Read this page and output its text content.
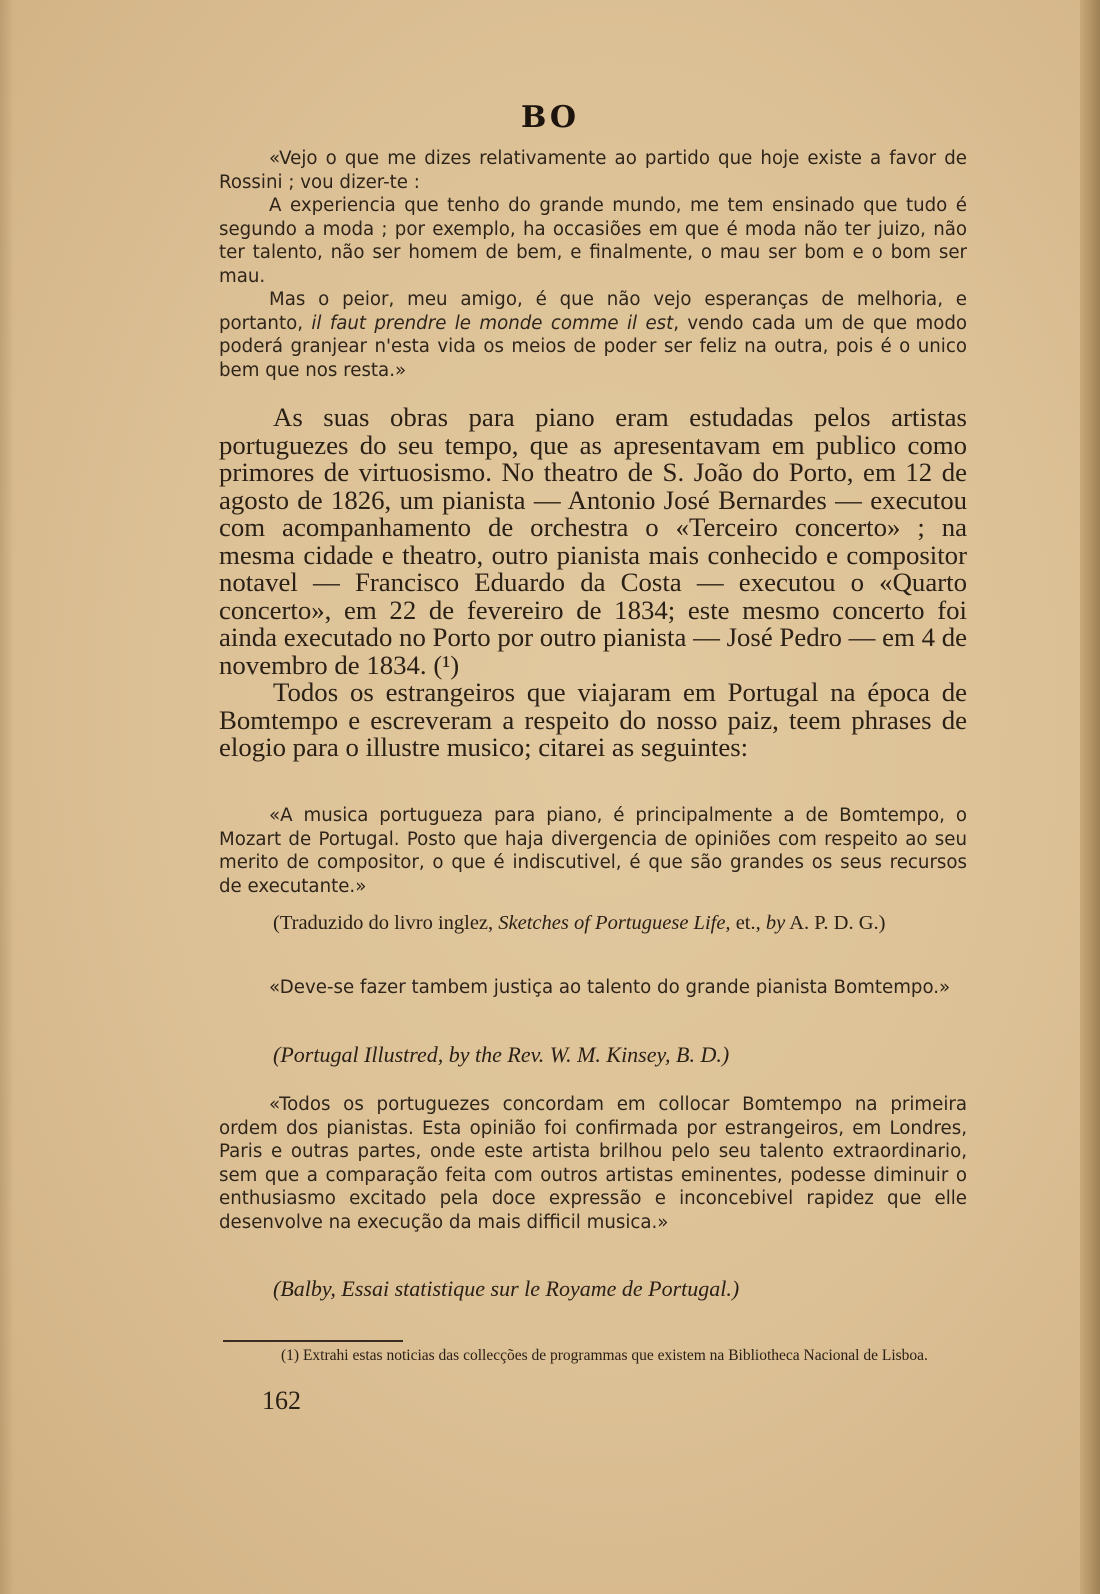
BO

«Vejo o que me dizes relativamente ao partido que hoje existe a favor de Rossini ; vou dizer-te :

A experiencia que tenho do grande mundo, me tem ensinado que tudo é segundo a moda ; por exemplo, ha occasiões em que é moda não ter juizo, não ter talento, não ser homem de bem, e finalmente, o mau ser bom e o bom ser mau.

Mas o peior, meu amigo, é que não vejo esperanças de melhoria, e portanto, il faut prendre le monde comme il est, vendo cada um de que modo poderá granjear n'esta vida os meios de poder ser feliz na outra, pois é o unico bem que nos resta.»

As suas obras para piano eram estudadas pelos artistas portuguezes do seu tempo, que as apresentavam em publico como primores de virtuosismo. No theatro de S. João do Porto, em 12 de agosto de 1826, um pianista — Antonio José Bernardes — executou com acompanhamento de orchestra o «Terceiro concerto» ; na mesma cidade e theatro, outro pianista mais conhecido e compositor notavel — Francisco Eduardo da Costa — executou o «Quarto concerto», em 22 de fevereiro de 1834; este mesmo concerto foi ainda executado no Porto por outro pianista — José Pedro — em 4 de novembro de 1834. (¹)

Todos os estrangeiros que viajaram em Portugal na época de Bomtempo e escreveram a respeito do nosso paiz, teem phrases de elogio para o illustre musico; citarei as seguintes:

«A musica portugueza para piano, é principalmente a de Bomtempo, o Mozart de Portugal. Posto que haja divergencia de opiniões com respeito ao seu merito de compositor, o que é indiscutivel, é que são grandes os seus recursos de executante.»

(Traduzido do livro inglez, Sketches of Portuguese Life, et., by A. P. D. G.)

«Deve-se fazer tambem justiça ao talento do grande pianista Bomtempo.»

(Portugal Illustred, by the Rev. W. M. Kinsey, B. D.)

«Todos os portuguezes concordam em collocar Bomtempo na primeira ordem dos pianistas. Esta opinião foi confirmada por estrangeiros, em Londres, Paris e outras partes, onde este artista brilhou pelo seu talento extraordinario, sem que a comparação feita com outros artistas eminentes, podesse diminuir o enthusiasmo excitado pela doce expressão e inconcebivel rapidez que elle desenvolve na execução da mais difficil musica.»

(Balby, Essai statistique sur le Royame de Portugal.)

(1) Extrahi estas noticias das collecções de programmas que existem na Bibliotheca Nacional de Lisboa.

162
